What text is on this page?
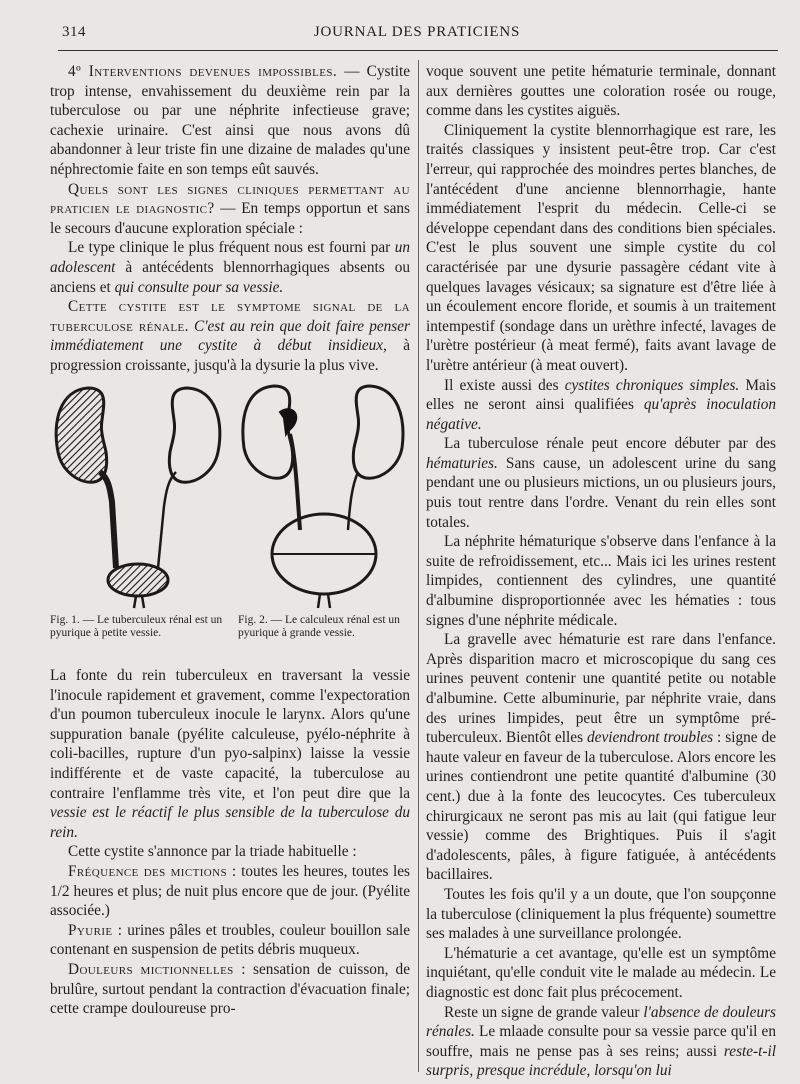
314	JOURNAL DES PRATICIENS

4º Interventions devenues impossibles. — Cystite trop intense, envahissement du deuxième rein par la tuberculose ou par une néphrite infectieuse grave; cachexie urinaire. C'est ainsi que nous avons dû abandonner à leur triste fin une dizaine de malades qu'une néphrectomie faite en son temps eût sauvés.

Quels sont les signes cliniques permettant au praticien le diagnostic? — En temps opportun et sans le secours d'aucune exploration spéciale :

Le type clinique le plus fréquent nous est fourni par un adolescent à antécédents blennorrhagiques absents ou anciens et qui consulte pour sa vessie.

Cette cystite est le symptome signal de la tuberculose rénale. C'est au rein que doit faire penser immédiatement une cystite à début insidieux, à progression croissante, jusqu'à la dysurie la plus vive.

Fig. 1. — Le tuberculeux rénal est un pyurique à petite vessie.
Fig. 2. — Le calculeux rénal est un pyurique à grande vessie.

La fonte du rein tuberculeux en traversant la vessie l'inocule rapidement et gravement, comme l'expectoration d'un poumon tuberculeux inocule le larynx. Alors qu'une suppuration banale (pyélite calculeuse, pyélo-néphrite à coli-bacilles, rupture d'un pyo-salpinx) laisse la vessie indifférente et de vaste capacité, la tuberculose au contraire l'enflamme très vite, et l'on peut dire que la vessie est le réactif le plus sensible de la tuberculose du rein.

Cette cystite s'annonce par la triade habituelle :

Fréquence des mictions : toutes les heures, toutes les 1/2 heures et plus; de nuit plus encore que de jour. (Pyélite associée.)

Pyurie : urines pâles et troubles, couleur bouillon sale contenant en suspension de petits débris muqueux.

Douleurs mictionnelles : sensation de cuisson, de brulûre, surtout pendant la contraction d'évacuation finale; cette crampe douloureuse pro-

voque souvent une petite hématurie terminale, donnant aux dernières gouttes une coloration rosée ou rouge, comme dans les cystites aiguës.

Cliniquement la cystite blennorrhagique est rare, les traités classiques y insistent peut-être trop. Car c'est l'erreur, qui rapprochée des moindres pertes blanches, de l'antécédent d'une ancienne blennorrhagie, hante immédiatement l'esprit du médecin. Celle-ci se développe cependant dans des conditions bien spéciales. C'est le plus souvent une simple cystite du col caractérisée par une dysurie passagère cédant vite à quelques lavages vésicaux; sa signature est d'être liée à un écoulement encore floride, et soumis à un traitement intempestif (sondage dans un urèthre infecté, lavages de l'urètre postérieur (à meat fermé), faits avant lavage de l'urètre antérieur (à meat ouvert).

Il existe aussi des cystites chroniques simples. Mais elles ne seront ainsi qualifiées qu'après inoculation négative.

La tuberculose rénale peut encore débuter par des hématuries. Sans cause, un adolescent urine du sang pendant une ou plusieurs mictions, un ou plusieurs jours, puis tout rentre dans l'ordre. Venant du rein elles sont totales.

La néphrite hématurique s'observe dans l'enfance à la suite de refroidissement, etc... Mais ici les urines restent limpides, contiennent des cylindres, une quantité d'albumine disproportionnée avec les hématies : tous signes d'une néphrite médicale.

La gravelle avec hématurie est rare dans l'enfance. Après disparition macro et microscopique du sang ces urines peuvent contenir une quantité petite ou notable d'albumine. Cette albuminurie, par néphrite vraie, dans des urines limpides, peut être un symptôme pré-tuberculeux. Bientôt elles deviendront troubles : signe de haute valeur en faveur de la tuberculose. Alors encore les urines contiendront une petite quantité d'albumine (30 cent.) due à la fonte des leucocytes. Ces tuberculeux chirurgicaux ne seront pas mis au lait (qui fatigue leur vessie) comme des Brightiques. Puis il s'agit d'adolescents, pâles, à figure fatiguée, à antécédents bacillaires.

Toutes les fois qu'il y a un doute, que l'on soupçonne la tuberculose (cliniquement la plus fréquente) soumettre ses malades à une surveillance prolongée.

L'hématurie a cet avantage, qu'elle est un symptôme inquiétant, qu'elle conduit vite le malade au médecin. Le diagnostic est donc fait plus précocement.

Reste un signe de grande valeur l'absence de douleurs rénales. Le mlaade consulte pour sa vessie parce qu'il en souffre, mais ne pense pas à ses reins; aussi reste-t-il surpris, presque incrédule, lorsqu'on lui
